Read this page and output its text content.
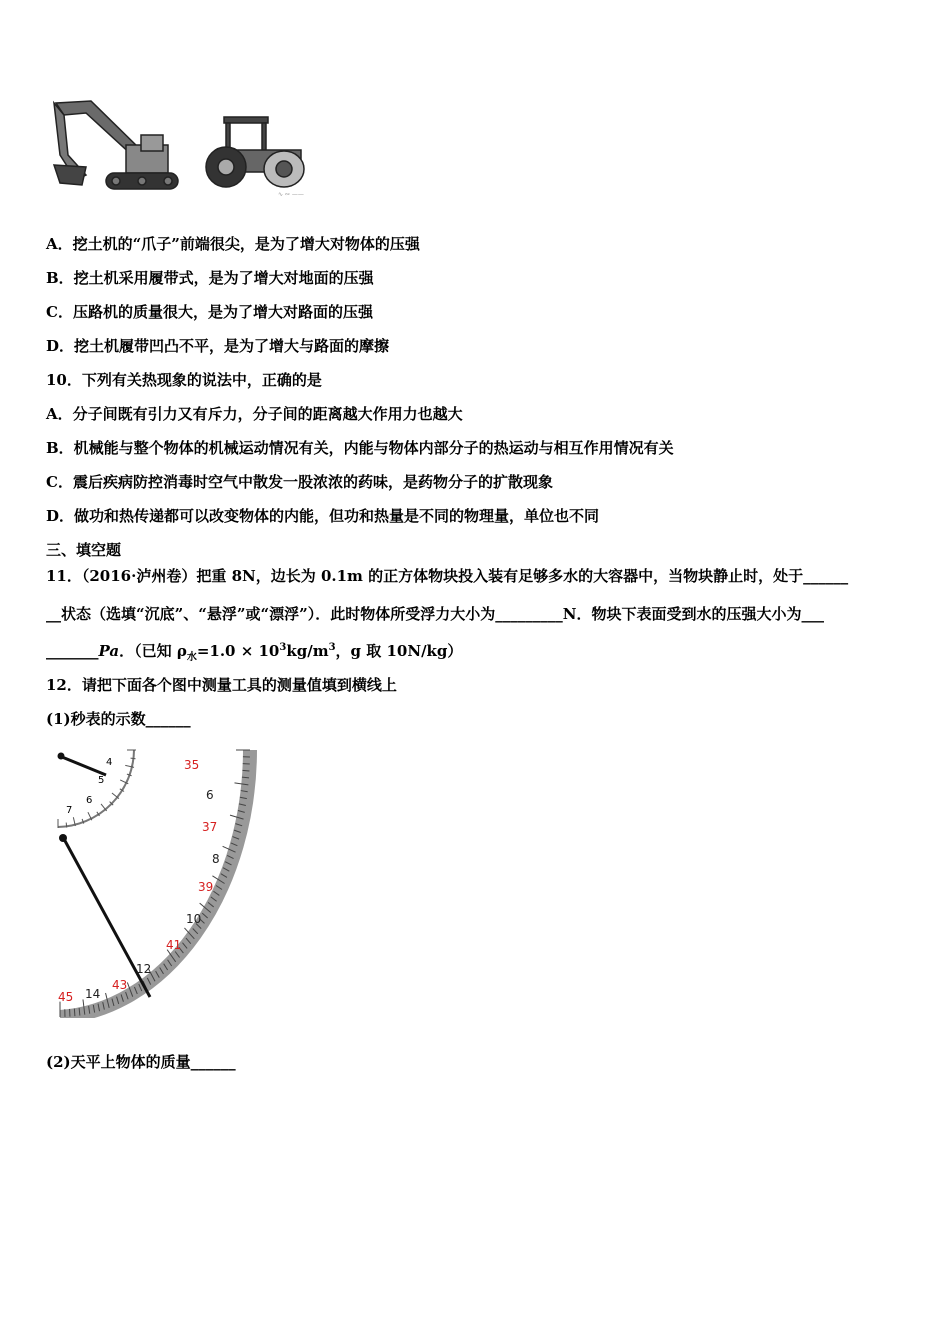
∿ ∾ ——
A．挖土机的“爪子”前端很尖，是为了增大对物体的压强
B．挖土机采用履带式，是为了增大对地面的压强
C．压路机的质量很大，是为了增大对路面的压强
D．挖土机履带凹凸不平，是为了增大与路面的摩擦
10．下列有关热现象的说法中，正确的是
A．分子间既有引力又有斥力，分子间的距离越大作用力也越大
B．机械能与整个物体的机械运动情况有关，内能与物体内部分子的热运动与相互作用情况有关
C．震后疾病防控消毒时空气中散发一股浓浓的药味，是药物分子的扩散现象
D．做功和热传递都可以改变物体的内能，但功和热量是不同的物理量，单位也不同
三、填空题
11．（2016·泸州卷）把重 8N，边长为 0.1m 的正方体物块投入装有足够多水的大容器中，当物块静止时，处于______
__状态（选填“沉底”、“悬浮”或“漂浮”）．此时物体所受浮力大小为_________N．物块下表面受到水的压强大小为___
_______Pa．（已知 $\rho_水=1.0 \times 10^3kg/m^3$，g 取 10N/kg）
12．请把下面各个图中测量工具的测量值填到横线上
(1)秒表的示数______
4
5
6
7
6
8
10
12
14
35
37
39
41
43
45
(2)天平上物体的质量______
